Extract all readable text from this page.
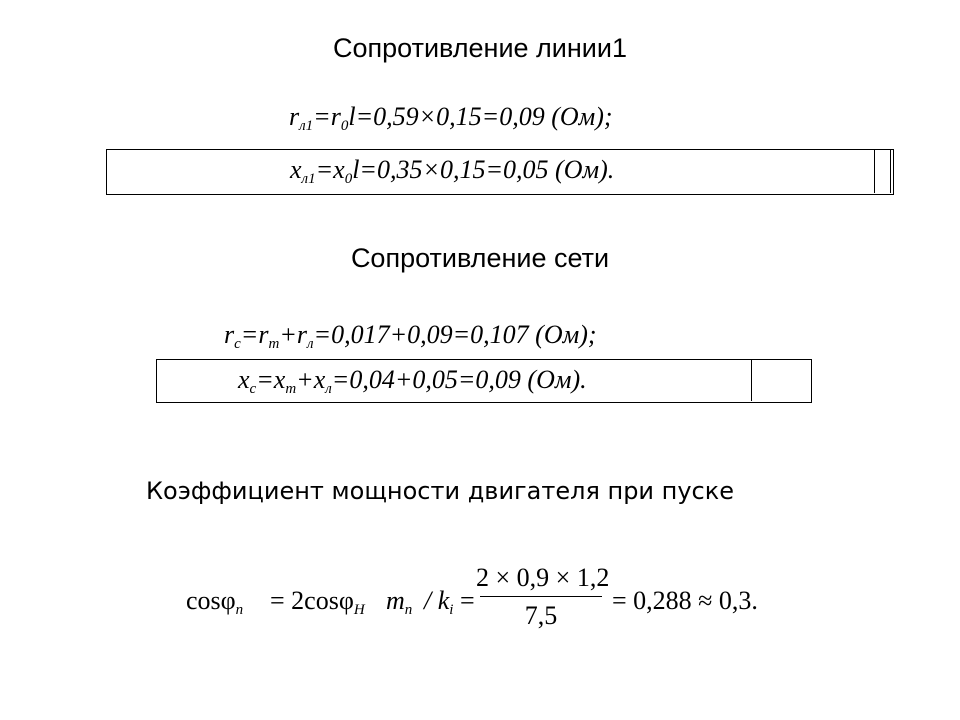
Сопротивление линии1
$r_{л1}=r_0l=0,59\times 0,15=0,09$ (Ом);
$x_{л1}=x_0l=0,35\times 0,15=0,05$ (Ом).
Сопротивление сети
$r_с=r_т+r_л=0,017+0,09=0,107$ (Ом);
$x_с=x_т+x_л=0,04+0,05=0,09$ (Ом).
Коэффициент мощности двигателя при пуске
cosφ$_п$ = 2cosφ$_Н$ $m_п / k_i$ =
2 × 0,9 × 1,2
7,5
= 0,288 ≈ 0,3.
